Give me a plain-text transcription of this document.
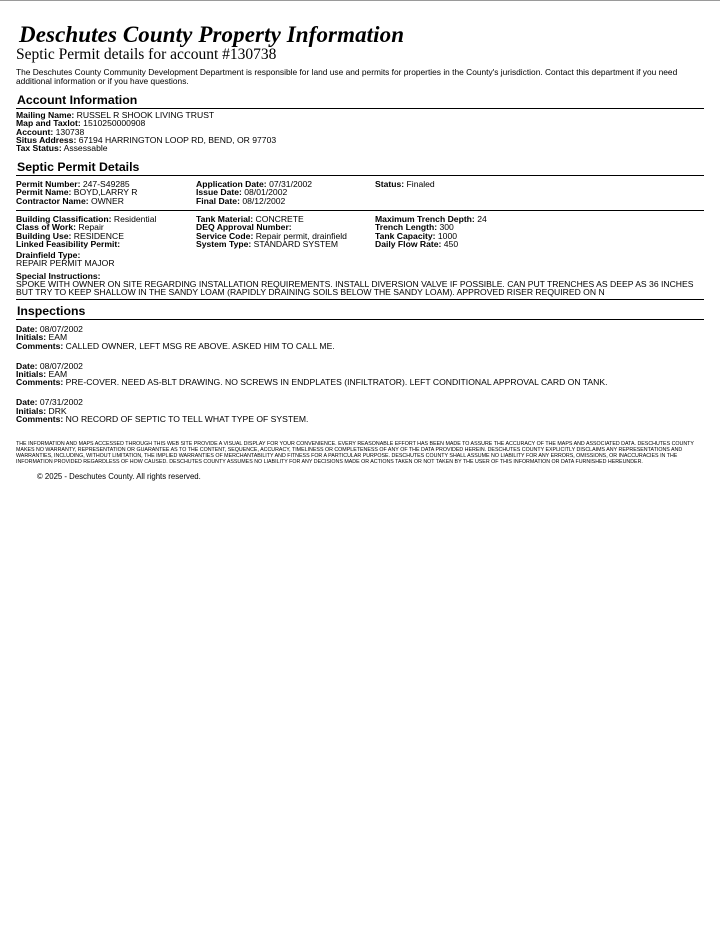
Deschutes County Property Information
Septic Permit details for account #130738
The Deschutes County Community Development Department is responsible for land use and permits for properties in the County's jurisdiction. Contact this department if you need additional information or if you have questions.
Account Information
Mailing Name: RUSSEL R SHOOK LIVING TRUST
Map and Taxlot: 1510250000908
Account: 130738
Situs Address: 67194 HARRINGTON LOOP RD, BEND, OR 97703
Tax Status: Assessable
Septic Permit Details
Permit Number: 247-S49285
Permit Name: BOYD,LARRY R
Contractor Name: OWNER
Application Date: 07/31/2002
Issue Date: 08/01/2002
Final Date: 08/12/2002
Status: Finaled
Building Classification: Residential
Class of Work: Repair
Building Use: RESIDENCE
Linked Feasibility Permit:
Tank Material: CONCRETE
DEQ Approval Number:
Service Code: Repair permit, drainfield
System Type: STANDARD SYSTEM
Maximum Trench Depth: 24
Trench Length: 300
Tank Capacity: 1000
Daily Flow Rate: 450
Drainfield Type:
REPAIR PERMIT MAJOR
Special Instructions:
SPOKE WITH OWNER ON SITE REGARDING INSTALLATION REQUIREMENTS. INSTALL DIVERSION VALVE IF POSSIBLE. CAN PUT TRENCHES AS DEEP AS 36 INCHES BUT TRY TO KEEP SHALLOW IN THE SANDY LOAM (RAPIDLY DRAINING SOILS BELOW THE SANDY LOAM). APPROVED RISER REQUIRED ON N
Inspections
Date: 08/07/2002
Initials: EAM
Comments: CALLED OWNER, LEFT MSG RE ABOVE. ASKED HIM TO CALL ME.
Date: 08/07/2002
Initials: EAM
Comments: PRE-COVER. NEED AS-BLT DRAWING. NO SCREWS IN ENDPLATES (INFILTRATOR). LEFT CONDITIONAL APPROVAL CARD ON TANK.
Date: 07/31/2002
Initials: DRK
Comments: NO RECORD OF SEPTIC TO TELL WHAT TYPE OF SYSTEM.
THE INFORMATION AND MAPS ACCESSED THROUGH THIS WEB SITE PROVIDE A VISUAL DISPLAY FOR YOUR CONVENIENCE. EVERY REASONABLE EFFORT HAS BEEN MADE TO ASSURE THE ACCURACY OF THE MAPS AND ASSOCIATED DATA. DESCHUTES COUNTY MAKES NO WARRANTY, REPRESENTATION OR GUARANTEE AS TO THE CONTENT, SEQUENCE, ACCURACY, TIMELINESS OR COMPLETENESS OF ANY OF THE DATA PROVIDED HEREIN. DESCHUTES COUNTY EXPLICITLY DISCLAIMS ANY REPRESENTATIONS AND WARRANTIES, INCLUDING, WITHOUT LIMITATION, THE IMPLIED WARRANTIES OF MERCHANTABILITY AND FITNESS FOR A PARTICULAR PURPOSE. DESCHUTES COUNTY SHALL ASSUME NO LIABILITY FOR ANY ERRORS, OMISSIONS, OR INACCURACIES IN THE INFORMATION PROVIDED REGARDLESS OF HOW CAUSED. DESCHUTES COUNTY ASSUMES NO LIABILITY FOR ANY DECISIONS MADE OR ACTIONS TAKEN OR NOT TAKEN BY THE USER OF THIS INFORMATION OR DATA FURNISHED HEREUNDER.
© 2025 - Deschutes County. All rights reserved.
